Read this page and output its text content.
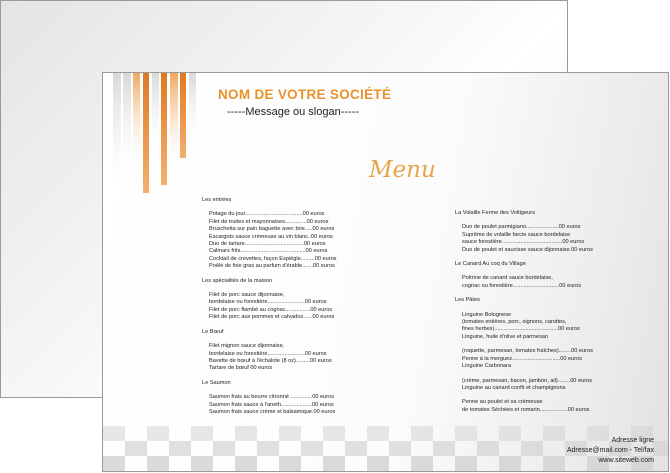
NOM DE VOTRE SOCIÉTÉ
-----Message ou slogan-----
Menu
Les entrées
Potage du jour.....................................00 euros
Filet de truites et mayonnaises..............00 euros
Bruschetta sur pain baguette avec brie.....00 euros
Escargots sauce crémeuse au vin blanc..00 euros
Duo de tartare......................................00 euros
Calmars frits..........................................00 euros
Cocktail de crevettes, façon Espiègle.........00 euros
Poêlé de foie gras au parfum d'érable.......00 euros
Les spécialités de la maison
Filet de porc sauce dijonnaise,
bordelaise ou forestière........................00 euros
Filet de porc flambé au cognac................00 euros
Filet de porc aux pommes et calvados......00 euros
Le Bœuf
Filet mignon sauce dijonnaise,
bordelaise ou forestière........................00 euros
Bavette de bœuf à l'échalote (8 oz).........00 euros
Tartare de bœuf 00 euros
Le Saumon
Saumon frais au beurre citronné ..............00 euros
Saumon frais sauce à l'aneth....................00 euros
Saumon frais sauce crème et balsamique.00 euros
La Volaille Ferme des Voltigeurs
Duo de poulet parmigiano.....................00 euros
Suprême de volaille farcie sauce bordelaise
sauce forestière.......................................00 euros
Duo de poulet et saucisse sauce dijonnaise.00 euros
Le Canard Au coq du Village
Poitrine de canard sauce bordelaise,
cognac ou forestière..............................00 euros
Les Pâtes
Linguine Bolognese
(tomates entières, porc, oignons, carottes,
fines herbes).........................................00 euros
Linguine, huile d'olive et parmesan
(roquette, parmesan, tomates fraîches)........00 euros
Penne à la merguez...............................00 euros
Linguine Carbonara
(crème, parmesan, bacon, jambon, ail)........00 euros
Linguine au canard confit et champignons
Penne au poulet et sa crémeuse
de tomates Séchées et romarin..................00 euros
Adresse ligne
Adresse@mail.com - Tel/fax
www.siteweb.com
